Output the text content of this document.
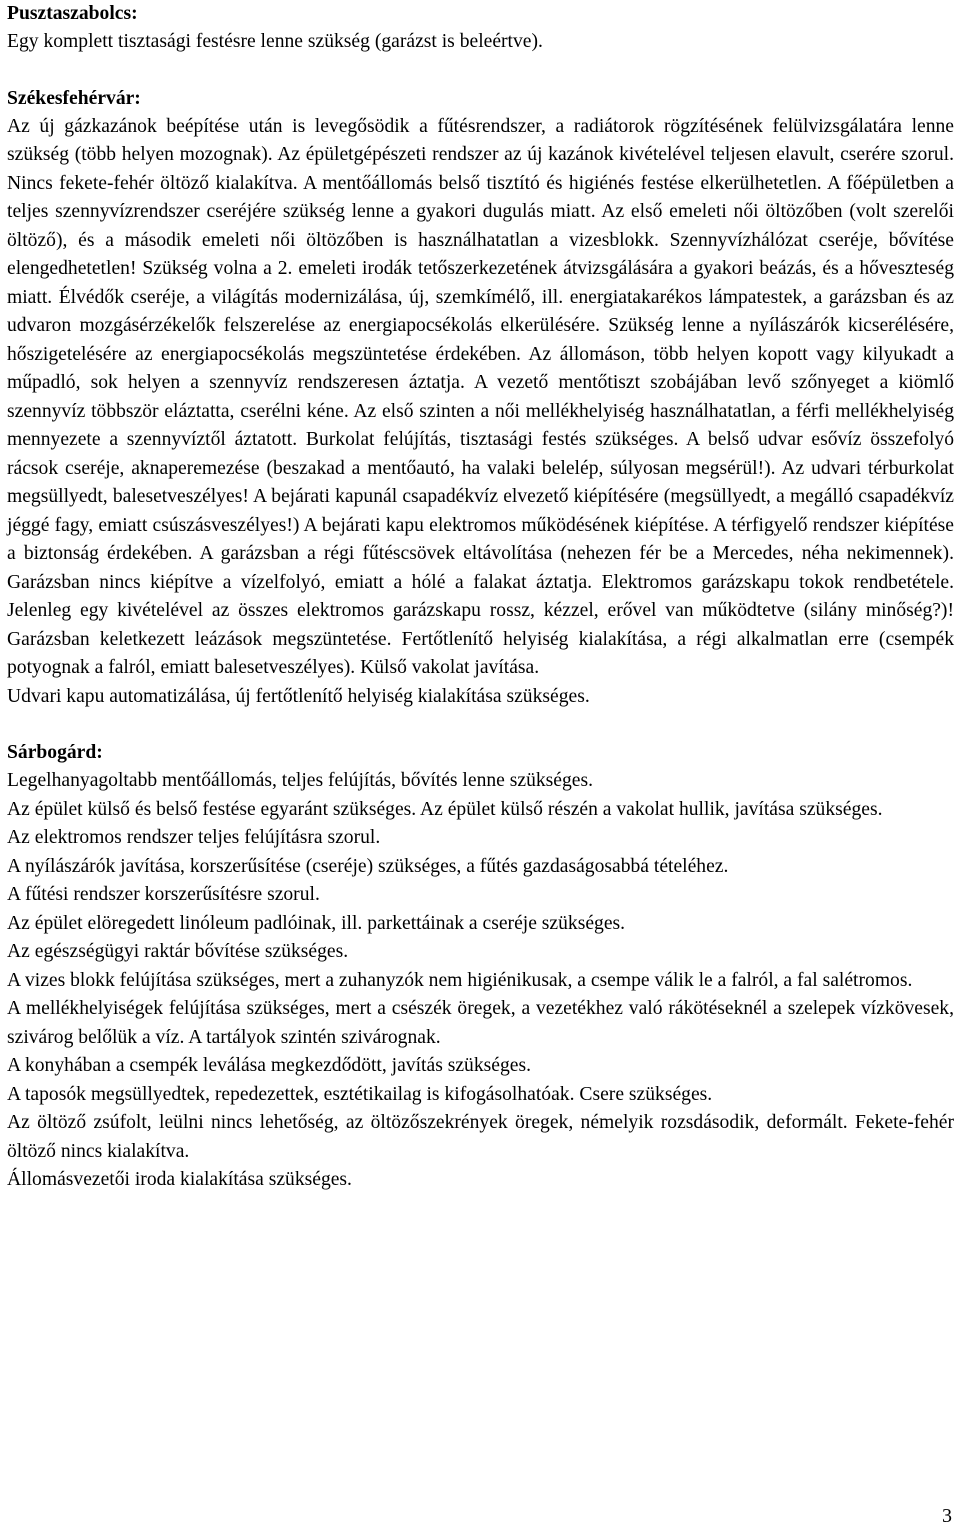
Pusztaszabolcs:

Egy komplett tisztasági festésre lenne szükség (garázst is beleértve).

Székesfehérvár:

Az új gázkazánok beépítése után is levegősödik a fűtésrendszer, a radiátorok rögzítésének felülvizsgálatára lenne szükség (több helyen mozognak). Az épületgépészeti rendszer az új kazánok kivételével teljesen elavult, cserére szorul. Nincs fekete-fehér öltöző kialakítva. A mentőállomás belső tisztító és higiénés festése elkerülhetetlen. A főépületben a teljes szennyvízrendszer cseréjére szükség lenne a gyakori dugulás miatt. Az első emeleti női öltözőben (volt szerelői öltöző), és a második emeleti női öltözőben is használhatatlan a vizesblokk. Szennyvízhálózat cseréje, bővítése elengedhetetlen! Szükség volna a 2. emeleti irodák tetőszerkezetének átvizsgálására a gyakori beázás, és a hőveszteség miatt. Élvédők cseréje, a világítás modernizálása, új, szemkímélő, ill. energiatakarékos lámpatestek, a garázsban és az udvaron mozgásérzékelők felszerelése az energiapocsékolás elkerülésére. Szükség lenne a nyílászárók kicserélésére, hőszigetelésére az energiapocsékolás megszüntetése érdekében. Az állomáson, több helyen kopott vagy kilyukadt a műpadló, sok helyen a szennyvíz rendszeresen áztatja. A vezető mentőtiszt szobájában levő szőnyeget a kiömlő szennyvíz többször eláztatta, cserélni kéne. Az első szinten a női mellékhelyiség használhatatlan, a férfi mellékhelyiség mennyezete a szennyvíztől áztatott. Burkolat felújítás, tisztasági festés szükséges. A belső udvar esővíz összefolyó rácsok cseréje, aknaperemezése (beszakad a mentőautó, ha valaki belelép, súlyosan megsérül!). Az udvari térburkolat megsüllyedt, balesetveszélyes! A bejárati kapunál csapadékvíz elvezető kiépítésére (megsüllyedt, a megálló csapadékvíz jéggé fagy, emiatt csúszásveszélyes!) A bejárati kapu elektromos működésének kiépítése. A térfigyelő rendszer kiépítése a biztonság érdekében. A garázsban a régi fűtéscsövek eltávolítása (nehezen fér be a Mercedes, néha nekimennek). Garázsban nincs kiépítve a vízelfolyó, emiatt a hólé a falakat áztatja. Elektromos garázskapu tokok rendbetétele. Jelenleg egy kivételével az összes elektromos garázskapu rossz, kézzel, erővel van működtetve (silány minőség?)! Garázsban keletkezett leázások megszüntetése. Fertőtlenítő helyiség kialakítása, a régi alkalmatlan erre (csempék potyognak a falról, emiatt balesetveszélyes). Külső vakolat javítása.

Udvari kapu automatizálása, új fertőtlenítő helyiség kialakítása szükséges.

Sárbogárd:

Legelhanyagoltabb mentőállomás, teljes felújítás, bővítés lenne szükséges.

Az épület külső és belső festése egyaránt szükséges. Az épület külső részén a vakolat hullik, javítása szükséges.

Az elektromos rendszer teljes felújításra szorul.

A nyílászárók javítása, korszerűsítése (cseréje) szükséges, a fűtés gazdaságosabbá tételéhez.

A fűtési rendszer korszerűsítésre szorul.

Az épület elöregedett linóleum padlóinak, ill. parkettáinak a cseréje szükséges.

Az egészségügyi raktár bővítése szükséges.

A vizes blokk felújítása szükséges, mert a zuhanyzók nem higiénikusak, a csempe válik le a falról, a fal salétromos.

A mellékhelyiségek felújítása szükséges, mert a csészék öregek, a vezetékhez való rákötéseknél a szelepek vízkövesek, szivárog belőlük a víz. A tartályok szintén szivárognak.

A konyhában a csempék leválása megkezdődött, javítás szükséges.

A taposók megsüllyedtek, repedezettek, esztétikailag is kifogásolhatóak. Csere szükséges.

Az öltöző zsúfolt, leülni nincs lehetőség, az öltözőszekrények öregek, némelyik rozsdásodik, deformált. Fekete-fehér öltöző nincs kialakítva.

Állomásvezetői iroda kialakítása szükséges.

3
